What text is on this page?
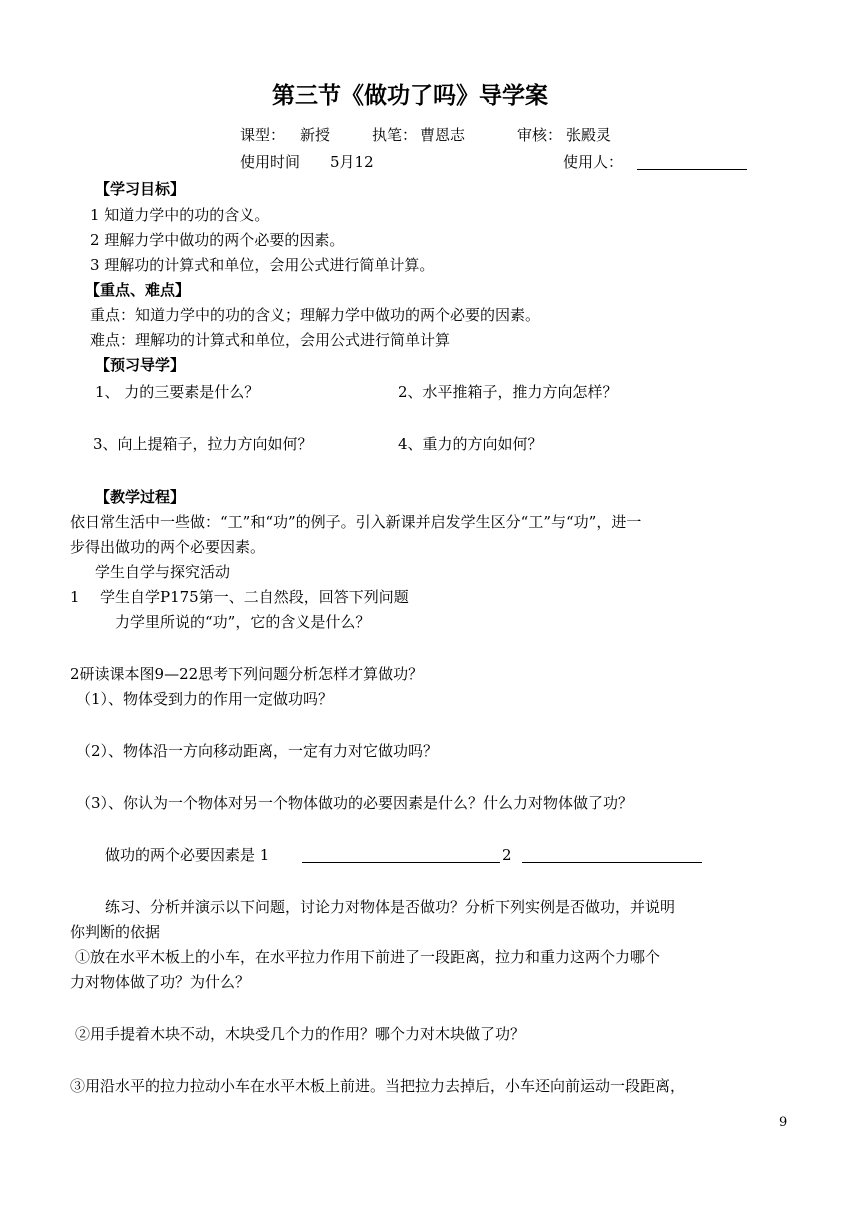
第三节《做功了吗》导学案
课型： 新授	执笔： 曹恩志	审核： 张殿灵
使用时间 5月12	使用人：
【学习目标】
1 知道力学中的功的含义。
2 理解力学中做功的两个必要的因素。
3 理解功的计算式和单位，会用公式进行简单计算。
【重点、难点】
重点：知道力学中的功的含义；理解力学中做功的两个必要的因素。
难点：理解功的计算式和单位，会用公式进行简单计算
【预习导学】
1、 力的三要素是什么？	2、水平推箱子，推力方向怎样？
3、向上提箱子，拉力方向如何？	4、重力的方向如何？
【教学过程】
依日常生活中一些做：“工”和“功”的例子。引入新课并启发学生区分“工”与“功”，进一
步得出做功的两个必要因素。
学生自学与探究活动
1 学生自学P175第一、二自然段，回答下列问题
力学里所说的“功”，它的含义是什么？
2研读课本图9—22思考下列问题分析怎样才算做功？
（1）、物体受到力的作用一定做功吗？
（2）、物体沿一方向移动距离，一定有力对它做功吗？
（3）、你认为一个物体对另一个物体做功的必要因素是什么？什么力对物体做了功？
做功的两个必要因素是 1	2
练习、分析并演示以下问题，讨论力对物体是否做功？分析下列实例是否做功，并说明
你判断的依据
①放在水平木板上的小车，在水平拉力作用下前进了一段距离，拉力和重力这两个力哪个
力对物体做了功？为什么？
②用手提着木块不动，木块受几个力的作用？哪个力对木块做了功？
③用沿水平的拉力拉动小车在水平木板上前进。当把拉力去掉后，小车还向前运动一段距离，
9
